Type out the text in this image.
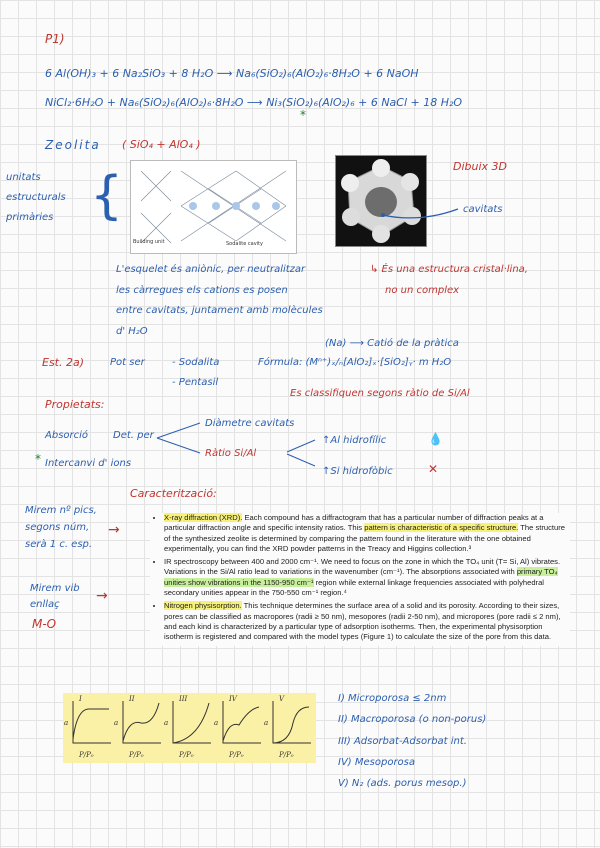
P1)
6 Al(OH)₃ + 6 Na₂SiO₃ + 8 H₂O ⟶ Na₆(SiO₂)₆(AlO₂)₆·8H₂O + 6 NaOH
NiCl₂·6H₂O + Na₆(SiO₂)₆(AlO₂)₆·8H₂O ⟶ Ni₃(SiO₂)₆(AlO₂)₆ + 6 NaCl + 18 H₂O
*
Zeolita ( SiO₄ + AlO₄ )
unitats
estructurals
primàries {
Building unit	Sodalite cavity
Dibuix 3D
cavitats
L'esquelet és aniònic, per neutralitzar
les càrregues els cations es posen
entre cavitats, juntament amb molècules
d' H₂O
↳ És una estructura cristal·lina,
no un complex
(Na) ⟶ Catió de la pràtica
Est. 2a)	Pot ser	- Sodalita
- Pentasil
Fórmula: (Mⁿ⁺)ₓ/ₙ[AlO₂]ₓ·[SiO₂]ᵧ· m H₂O
Es classifiquen segons ràtio de Si/Al
Propietats:
Absorció Det. per
Diàmetre cavitats
Ràtio Si/Al
↑Al hidrofílic	💧
↑Si hidrofòbic	✕
* Intercanvi d' ions
Caracterització:
Mirem nº pics,
segons núm,
serà 1 c. esp.
→
Mirem vib
enllaç
→
M-O
• X-ray diffraction (XRD). Each compound has a diffractogram that has a particular number of diffraction peaks at a particular diffraction angle and specific intensity ratios. This pattern is characteristic of a specific structure. The structure of the synthesized zeolite is determined by comparing the pattern found in the literature with the one obtained experimentally, you can find the XRD powder patterns in the Treacy and Higgins collection.³
• IR spectroscopy between 400 and 2000 cm⁻¹. We need to focus on the zone in which the TO₄ unit (T= Si, Al) vibrates. Variations in the Si/Al ratio lead to variations in the wavenumber (cm⁻¹). The absorptions associated with primary TO₄ unities show vibrations in the 1150-950 cm⁻¹ region while external linkage frequencies associated with polyhedral secondary unities appear in the 750-550 cm⁻¹ region.⁴
• Nitrogen physisorption. This technique determines the surface area of a solid and its porosity. According to their sizes, pores can be classified as macropores (radii ≥ 50 nm), mesopores (radii 2-50 nm), and micropores (pore radii ≤ 2 nm), and each kind is characterized by a particular type of adsorption isotherms. Then, the experimental physisorption isotherm is registered and compared with the model types (Figure 1) to calculate the size of the pore from this data.
I	II	III	IV	V
P/P₀	P/P₀	P/P₀	P/P₀	P/P₀
a	a	a	a	a
I) Microporosa ≤ 2nm
II) Macroporosa (o non-porus)
III) Adsorbat-Adsorbat int.
IV) Mesoporosa
V) N₂ (ads. porus mesop.)
